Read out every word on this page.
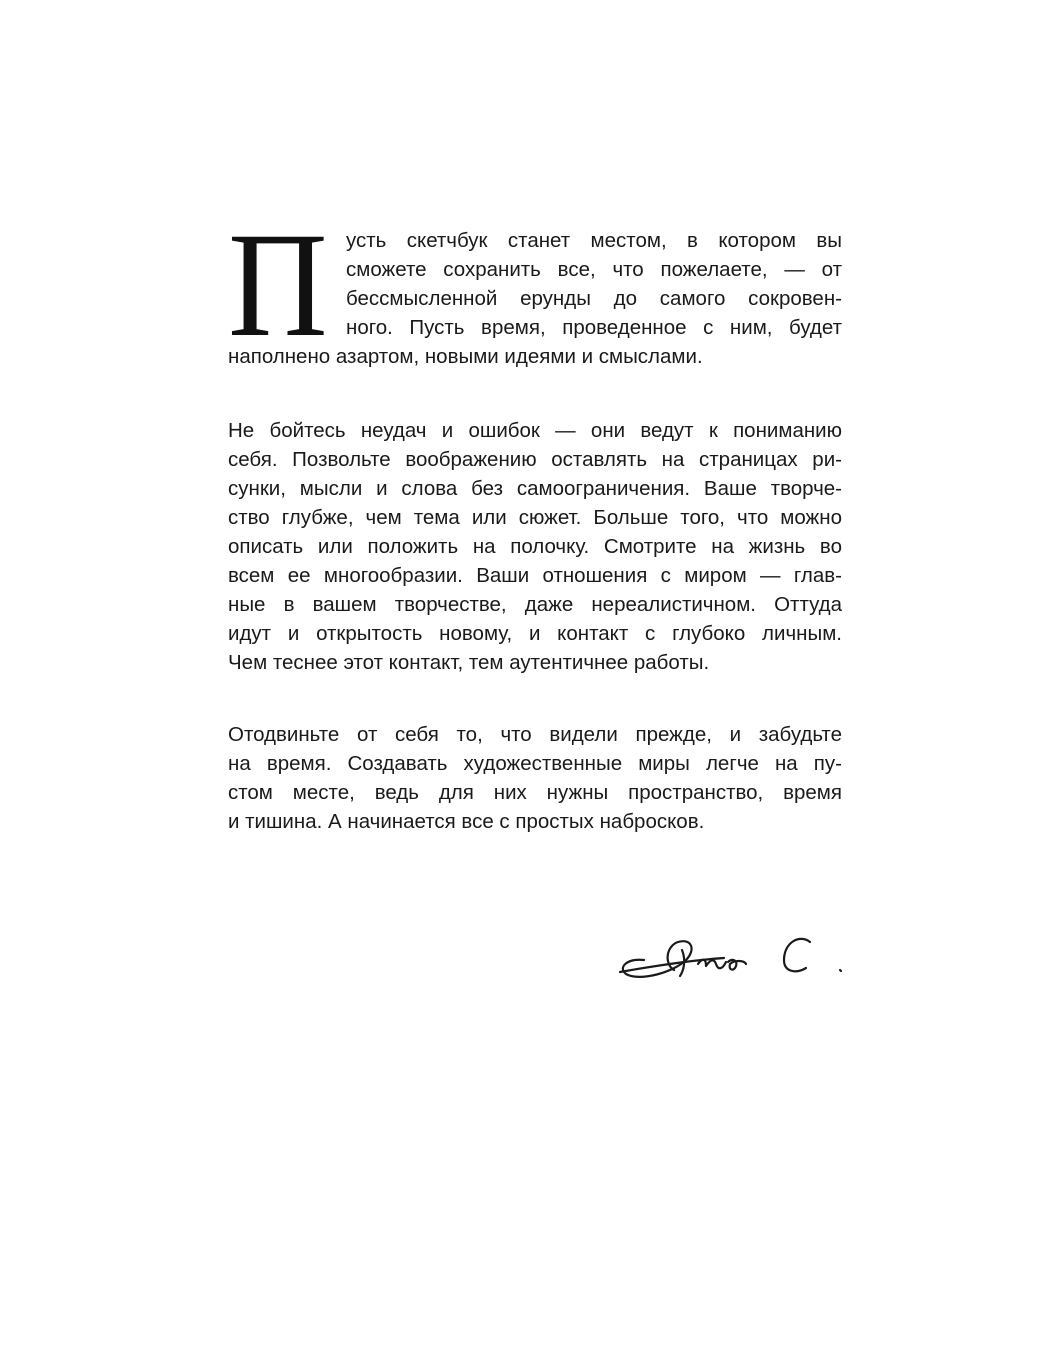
П усть скетчбук станет местом, в котором вы
сможете сохранить все, что пожелаете, — от
бессмысленной ерунды до самого сокровен-
ного. Пусть время, проведенное с ним, будет
наполнено азартом, новыми идеями и смыслами.
Не бойтесь неудач и ошибок — они ведут к пониманию
себя. Позвольте воображению оставлять на страницах ри-
сунки, мысли и слова без самоограничения. Ваше творче-
ство глубже, чем тема или сюжет. Больше того, что можно
описать или положить на полочку. Смотрите на жизнь во
всем ее многообразии. Ваши отношения с миром — глав-
ные в вашем творчестве, даже нереалистичном. Оттуда
идут и открытость новому, и контакт с глубоко личным.
Чем теснее этот контакт, тем аутентичнее работы.
Отодвиньте от себя то, что видели прежде, и забудьте
на время. Создавать художественные миры легче на пу-
стом месте, ведь для них нужны пространство, время
и тишина. А начинается все с простых набросков.
